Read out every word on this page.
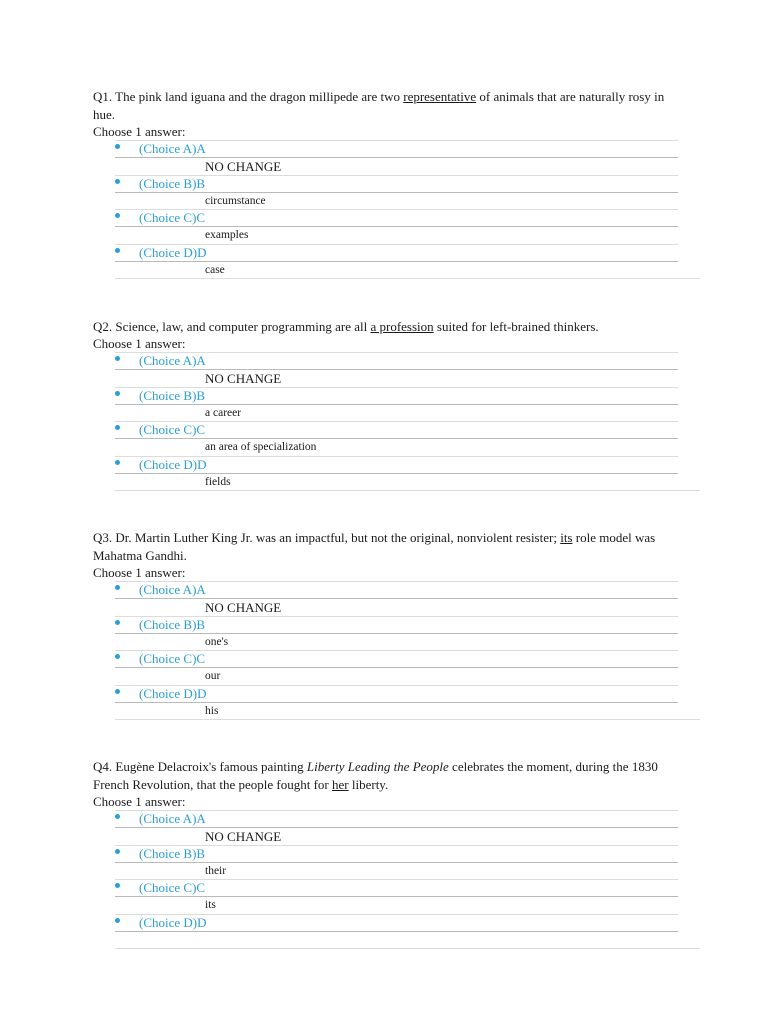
Q1. The pink land iguana and the dragon millipede are two representative of animals that are naturally rosy in hue.

Choose 1 answer:

(Choice A)A
NO CHANGE
(Choice B)B
circumstance
(Choice C)C
examples
(Choice D)D
case

Q2. Science, law, and computer programming are all a profession suited for left-brained thinkers.

Choose 1 answer:

(Choice A)A
NO CHANGE
(Choice B)B
a career
(Choice C)C
an area of specialization
(Choice D)D
fields

Q3. Dr. Martin Luther King Jr. was an impactful, but not the original, nonviolent resister; its role model was Mahatma Gandhi.

Choose 1 answer:

(Choice A)A
NO CHANGE
(Choice B)B
one's
(Choice C)C
our
(Choice D)D
his

Q4. Eugène Delacroix's famous painting Liberty Leading the People celebrates the moment, during the 1830 French Revolution, that the people fought for her liberty.

Choose 1 answer:

(Choice A)A
NO CHANGE
(Choice B)B
their
(Choice C)C
its
(Choice D)D
